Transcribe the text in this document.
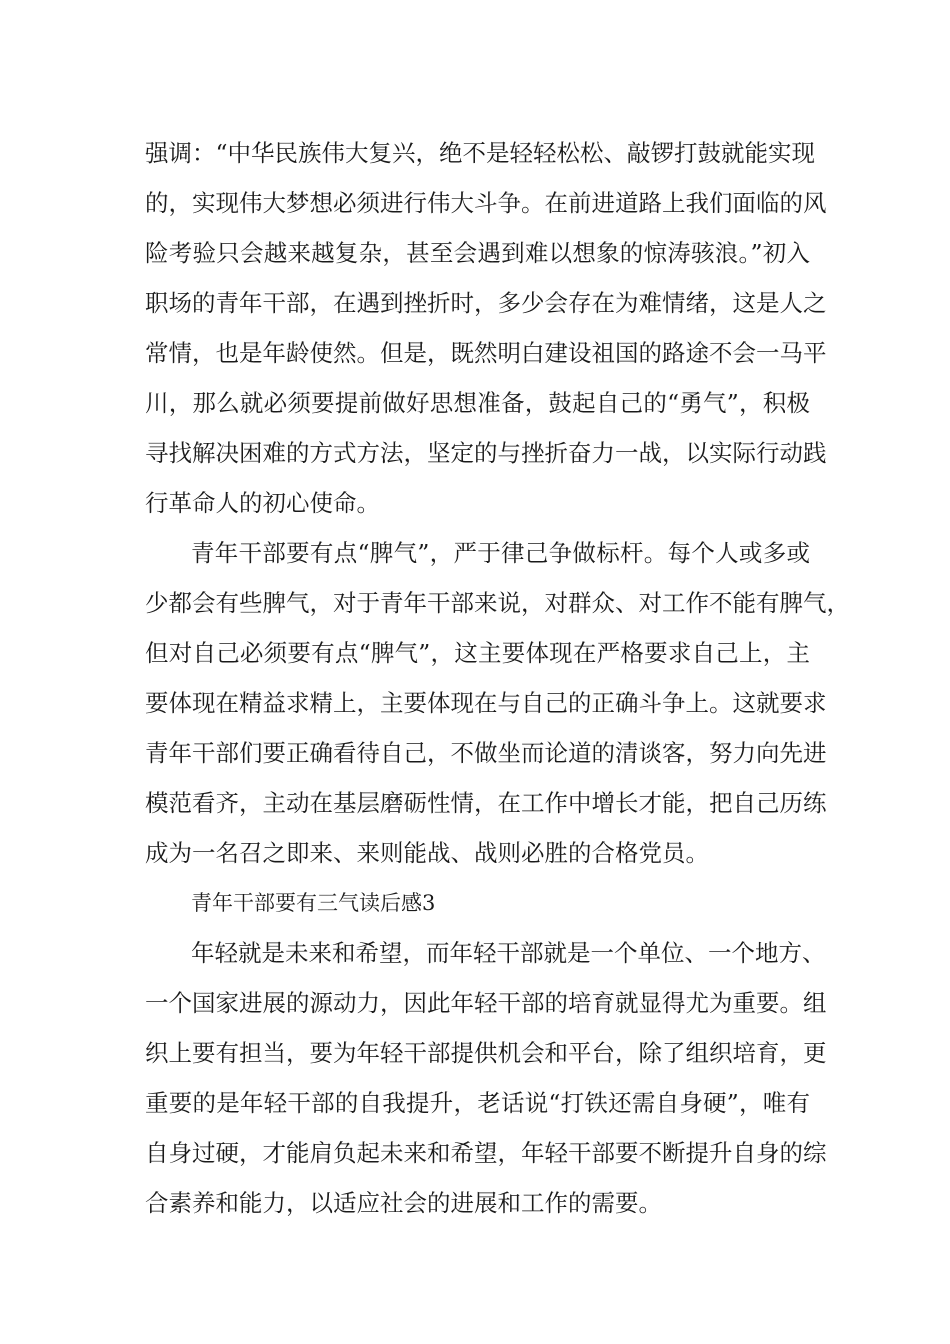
强调：“中华民族伟大复兴，绝不是轻轻松松、敲锣打鼓就能实现
的，实现伟大梦想必须进行伟大斗争。在前进道路上我们面临的风
险考验只会越来越复杂，甚至会遇到难以想象的惊涛骇浪。”初入
职场的青年干部，在遇到挫折时，多少会存在为难情绪，这是人之
常情，也是年龄使然。但是，既然明白建设祖国的路途不会一马平
川，那么就必须要提前做好思想准备，鼓起自己的“勇气”，积极
寻找解决困难的方式方法，坚定的与挫折奋力一战，以实际行动践
行革命人的初心使命。
青年干部要有点“脾气”，严于律己争做标杆。每个人或多或
少都会有些脾气，对于青年干部来说，对群众、对工作不能有脾气，
但对自己必须要有点“脾气”，这主要体现在严格要求自己上，主
要体现在精益求精上，主要体现在与自己的正确斗争上。这就要求
青年干部们要正确看待自己，不做坐而论道的清谈客，努力向先进
模范看齐，主动在基层磨砺性情，在工作中增长才能，把自己历练
成为一名召之即来、来则能战、战则必胜的合格党员。
青年干部要有三气读后感3
年轻就是未来和希望，而年轻干部就是一个单位、一个地方、
一个国家进展的源动力，因此年轻干部的培育就显得尤为重要。组
织上要有担当，要为年轻干部提供机会和平台，除了组织培育，更
重要的是年轻干部的自我提升，老话说“打铁还需自身硬”，唯有
自身过硬，才能肩负起未来和希望，年轻干部要不断提升自身的综
合素养和能力，以适应社会的进展和工作的需要。
